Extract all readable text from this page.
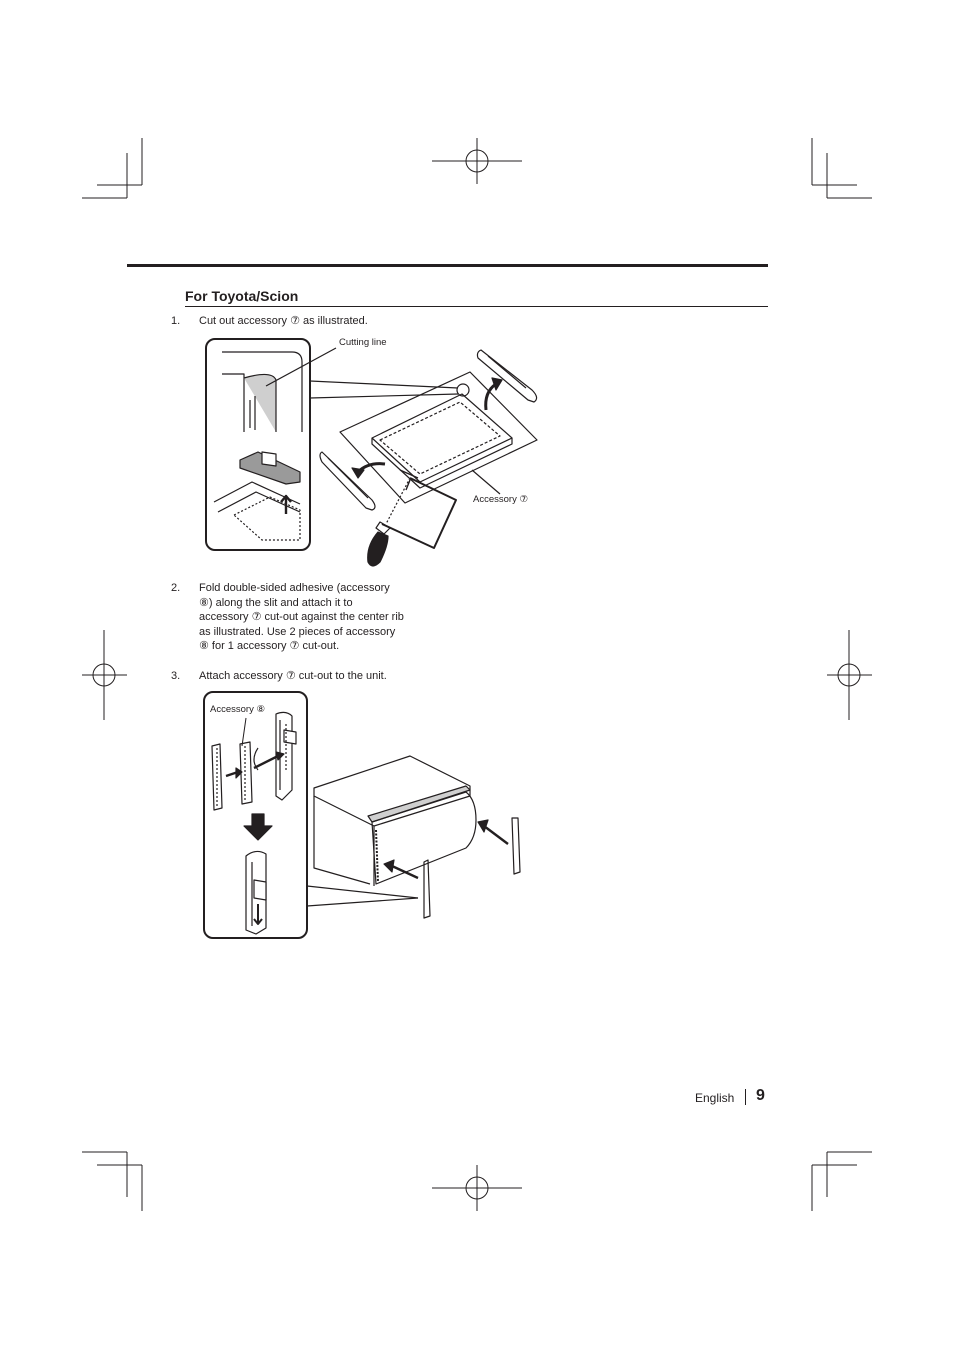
For Toyota/Scion

1. Cut out accessory ⑦ as illustrated.

Cutting line
Accessory ⑦

2. Fold double-sided adhesive (accessory ⑧) along the slit and attach it to accessory ⑦ cut-out against the center rib as illustrated. Use 2 pieces of accessory ⑧ for 1 accessory ⑦ cut-out.

3. Attach accessory ⑦ cut-out to the unit.

Accessory ⑧
English 9
